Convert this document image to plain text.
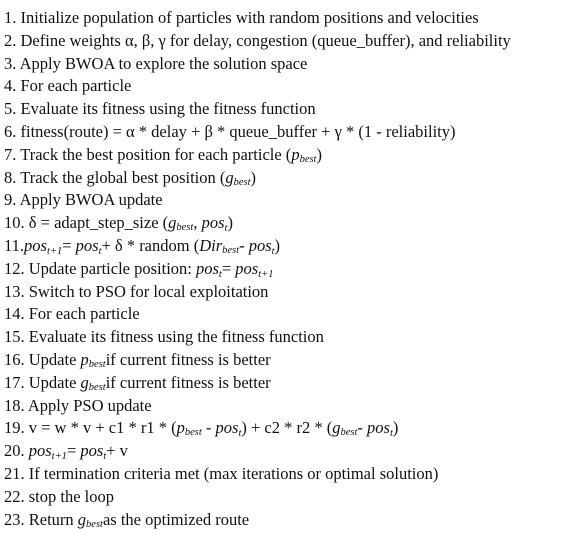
1. Initialize population of particles with random positions and velocities
2. Define weights α, β, γ for delay, congestion (queue_buffer), and reliability
3. Apply BWOA to explore the solution space
4. For each particle
5. Evaluate its fitness using the fitness function
6. fitness(route) = α * delay + β * queue_buffer + γ * (1 - reliability)
7. Track the best position for each particle (pbest)
8. Track the global best position (gbest)
9. Apply BWOA update
10. δ = adapt_step_size (gbest, post)
11.post+1= post+ δ * random (Dirbest- post)
12. Update particle position: post= post+1
13. Switch to PSO for local exploitation
14. For each particle
15. Evaluate its fitness using the fitness function
16. Update pbestif current fitness is better
17. Update gbestif current fitness is better
18. Apply PSO update
19. v = w * v + c1 * r1 * (pbest - post) + c2 * r2 * (gbest- post)
20. post+1= post+ v
21. If termination criteria met (max iterations or optimal solution)
22. stop the loop
23. Return gbestas the optimized route
